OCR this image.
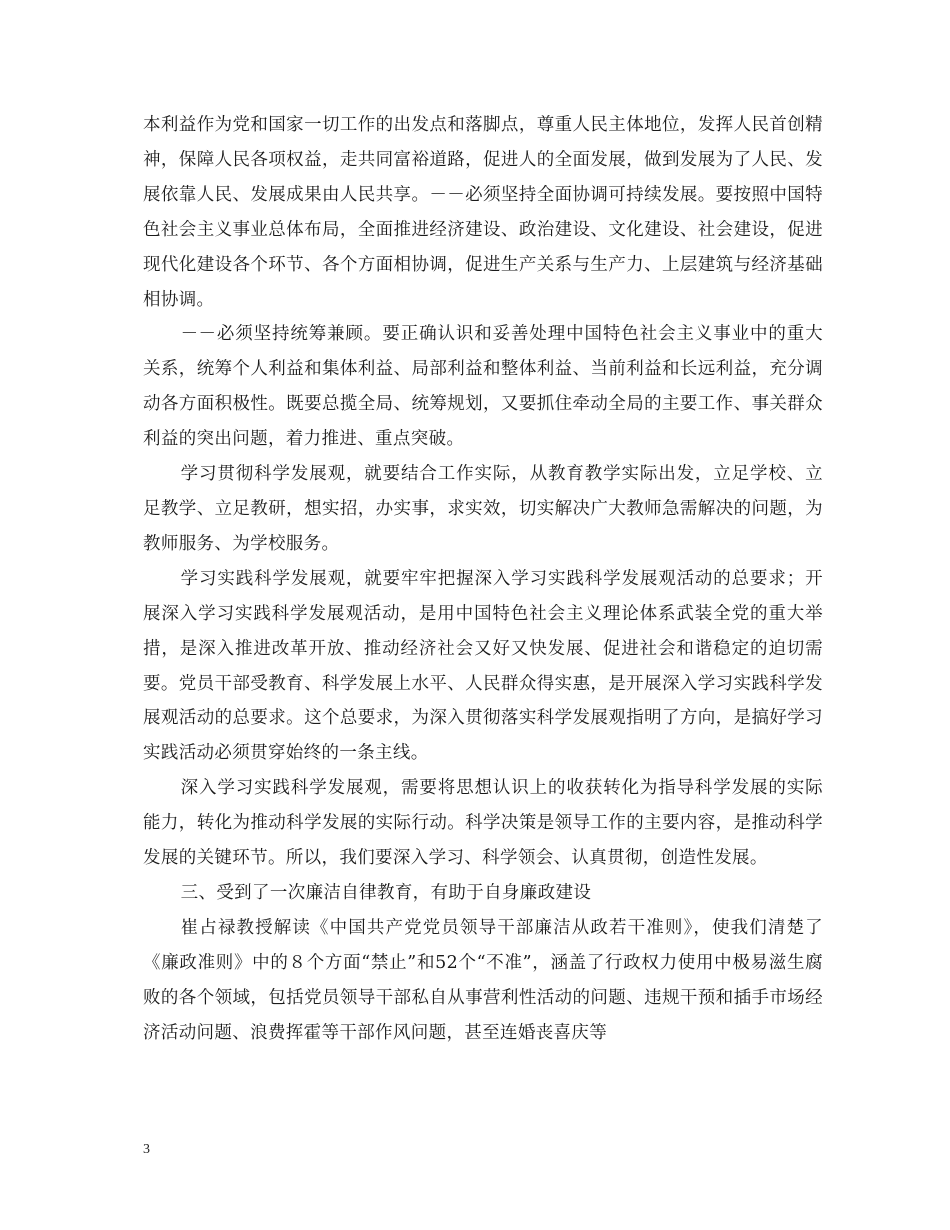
本利益作为党和国家一切工作的出发点和落脚点，尊重人民主体地位，发挥人民首创精神，保障人民各项权益，走共同富裕道路，促进人的全面发展，做到发展为了人民、发展依靠人民、发展成果由人民共享。－－必须坚持全面协调可持续发展。要按照中国特色社会主义事业总体布局，全面推进经济建设、政治建设、文化建设、社会建设，促进现代化建设各个环节、各个方面相协调，促进生产关系与生产力、上层建筑与经济基础相协调。

－－必须坚持统筹兼顾。要正确认识和妥善处理中国特色社会主义事业中的重大关系，统筹个人利益和集体利益、局部利益和整体利益、当前利益和长远利益，充分调动各方面积极性。既要总揽全局、统筹规划，又要抓住牵动全局的主要工作、事关群众利益的突出问题，着力推进、重点突破。

学习贯彻科学发展观，就要结合工作实际，从教育教学实际出发，立足学校、立足教学、立足教研，想实招，办实事，求实效，切实解决广大教师急需解决的问题，为教师服务、为学校服务。

学习实践科学发展观，就要牢牢把握深入学习实践科学发展观活动的总要求；开展深入学习实践科学发展观活动，是用中国特色社会主义理论体系武装全党的重大举措，是深入推进改革开放、推动经济社会又好又快发展、促进社会和谐稳定的迫切需要。党员干部受教育、科学发展上水平、人民群众得实惠，是开展深入学习实践科学发展观活动的总要求。这个总要求，为深入贯彻落实科学发展观指明了方向，是搞好学习实践活动必须贯穿始终的一条主线。

深入学习实践科学发展观，需要将思想认识上的收获转化为指导科学发展的实际能力，转化为推动科学发展的实际行动。科学决策是领导工作的主要内容，是推动科学发展的关键环节。所以，我们要深入学习、科学领会、认真贯彻，创造性发展。

三、受到了一次廉洁自律教育，有助于自身廉政建设

崔占禄教授解读《中国共产党党员领导干部廉洁从政若干准则》，使我们清楚了《廉政准则》中的８个方面“禁止”和52个“不准”，涵盖了行政权力使用中极易滋生腐败的各个领域，包括党员领导干部私自从事营利性活动的问题、违规干预和插手市场经济活动问题、浪费挥霍等干部作风问题，甚至连婚丧喜庆等

3
